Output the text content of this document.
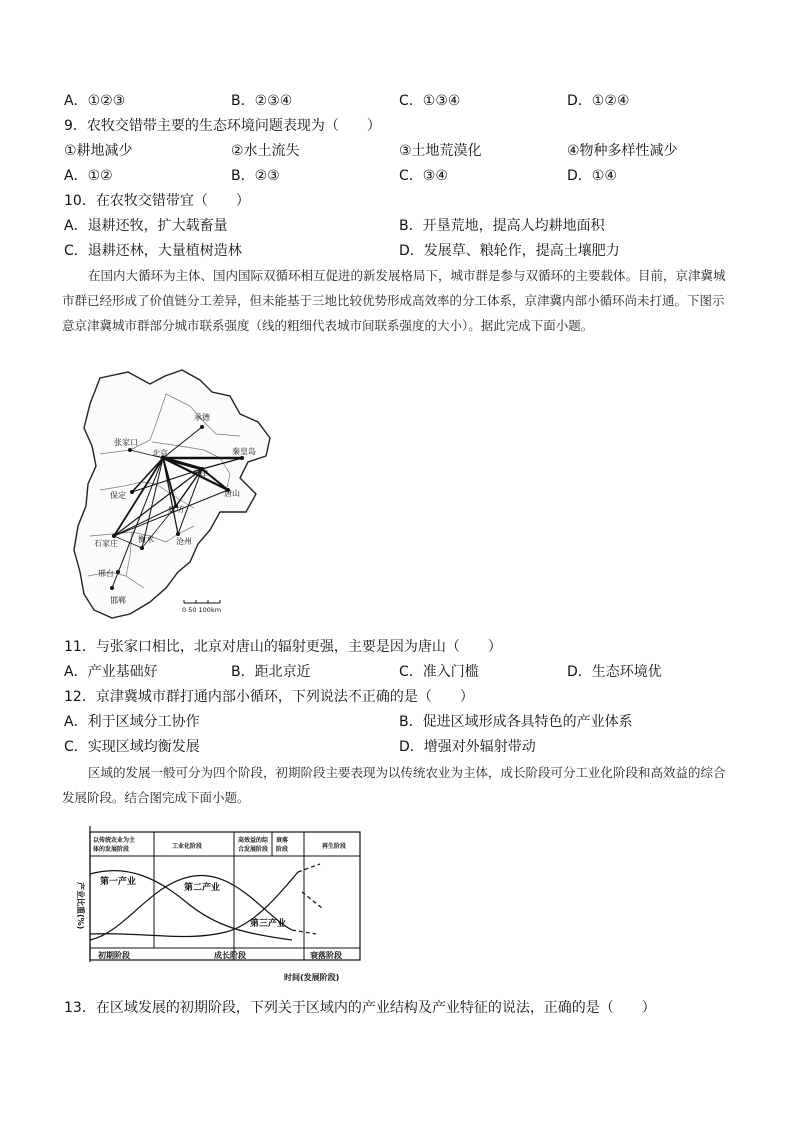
A．①②③	B．②③④	C．①③④	D．①②④
9．农牧交错带主要的生态环境问题表现为（　　）
①耕地减少	②水土流失	③土地荒漠化	④物种多样性减少
A．①②	B．②③	C．③④	D．①④
10．在农牧交错带宜（　　）
A．退耕还牧，扩大载畜量	B．开垦荒地，提高人均耕地面积
C．退耕还林，大量植树造林	D．发展草、粮轮作，提高土壤肥力
在国内大循环为主体、国内国际双循环相互促进的新发展格局下，城市群是参与双循环的主要载体。目前，京津冀城市群已经形成了价值链分工差异，但未能基于三地比较优势形成高效率的分工体系，京津冀内部小循环尚未打通。下图示意京津冀城市群部分城市联系强度（线的粗细代表城市间联系强度的大小）。据此完成下面小题。
承德
张家口
北京	秦皇岛
保定
天津
唐山
廊坊
石家庄	沧州
衡水
邢台
邯郸
0 50 100km
11．与张家口相比，北京对唐山的辐射更强，主要是因为唐山（　　）
A．产业基础好	B．距北京近	C．准入门槛	D．生态环境优
12．京津冀城市群打通内部小循环，下列说法不正确的是（　　）
A．利于区域分工协作	B．促进区域形成各具特色的产业体系
C．实现区域均衡发展	D．增强对外辐射带动
区域的发展一般可分为四个阶段，初期阶段主要表现为以传统农业为主体，成长阶段可分工业化阶段和高效益的综合发展阶段。结合图完成下面小题。
产业比重(%)
以传统农业为主
体的发展阶段	工业化阶段
高效益的综
合发展阶段
衰落
阶段	再生阶段
第一产业
第二产业
第三产业
初期阶段	成长阶段	衰落阶段
时间(发展阶段)
13．在区域发展的初期阶段，下列关于区域内的产业结构及产业特征的说法，正确的是（　　）
